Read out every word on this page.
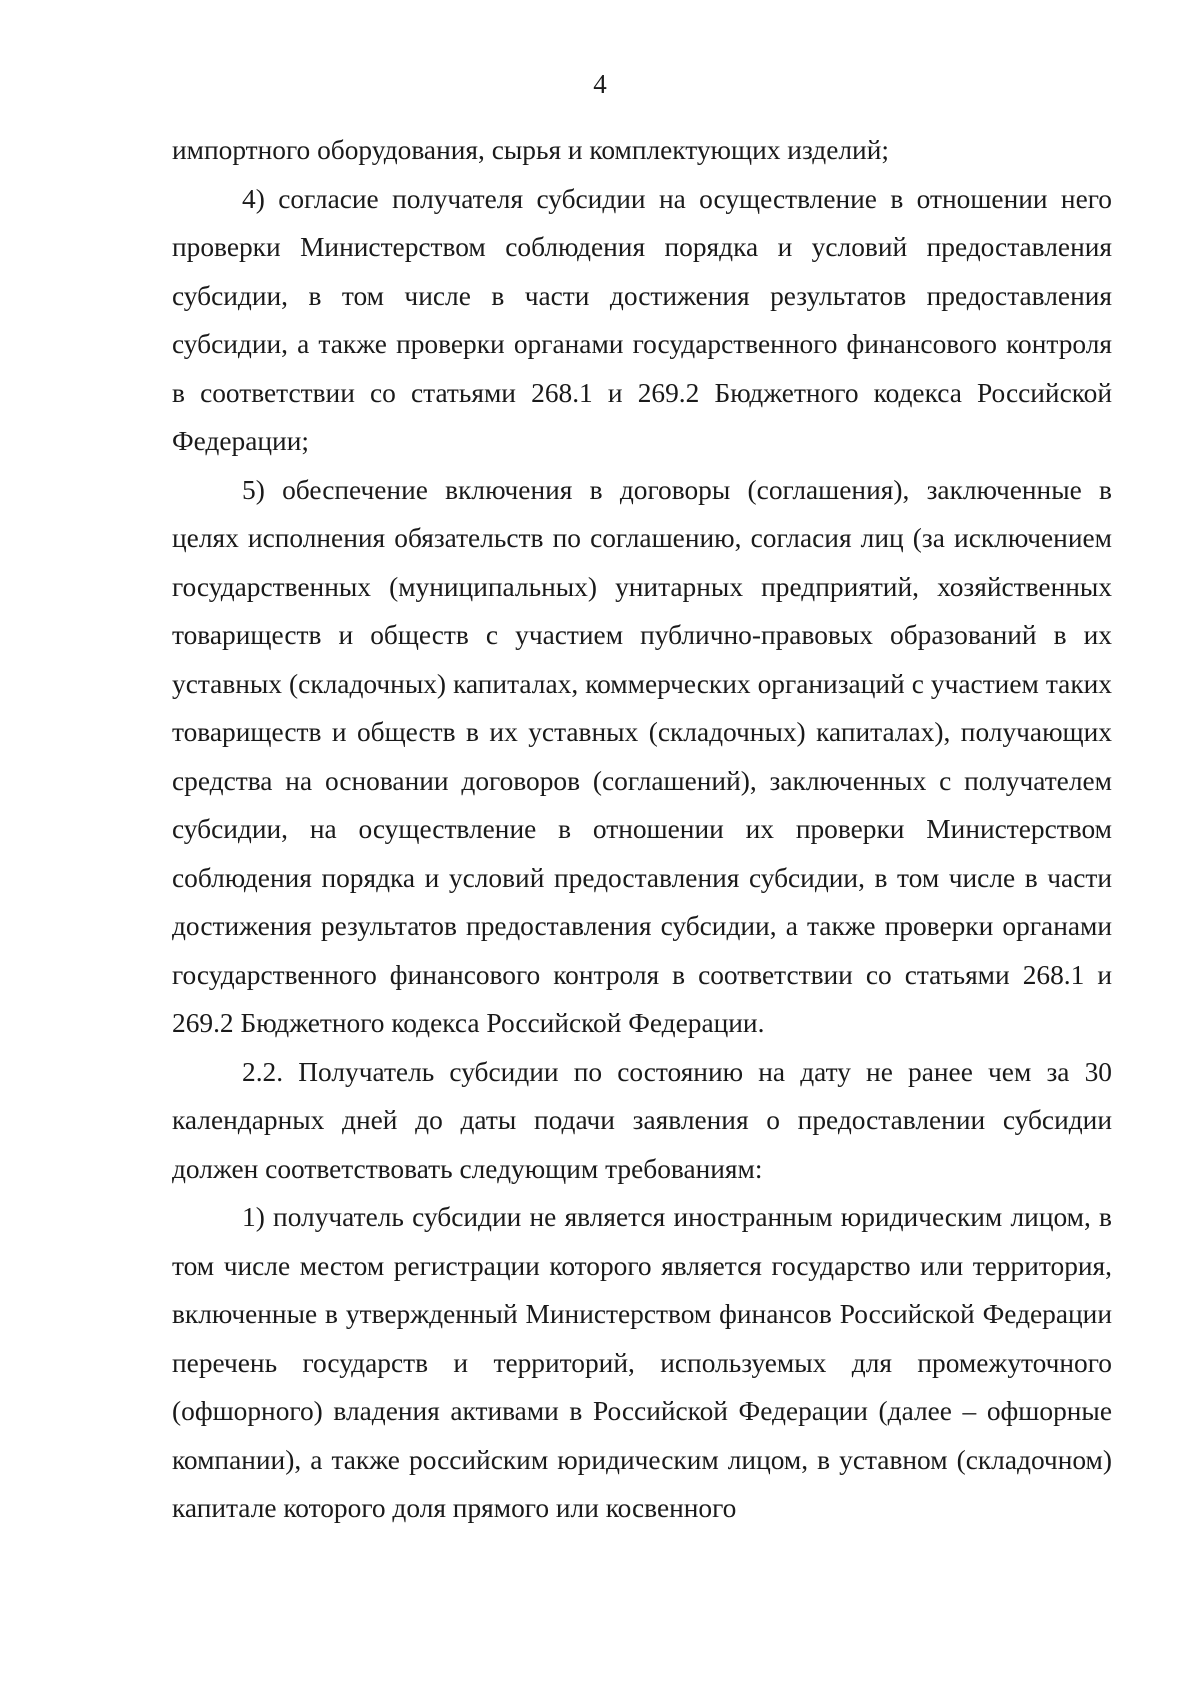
4

импортного оборудования, сырья и комплектующих изделий;

4) согласие получателя субсидии на осуществление в отношении него проверки Министерством соблюдения порядка и условий предоставления субсидии, в том числе в части достижения результатов предоставления субсидии, а также проверки органами государственного финансового контроля в соответствии со статьями 268.1 и 269.2 Бюджетного кодекса Российской Федерации;

5) обеспечение включения в договоры (соглашения), заключенные в целях исполнения обязательств по соглашению, согласия лиц (за исключением государственных (муниципальных) унитарных предприятий, хозяйственных товариществ и обществ с участием публично-правовых образований в их уставных (складочных) капиталах, коммерческих организаций с участием таких товариществ и обществ в их уставных (складочных) капиталах), получающих средства на основании договоров (соглашений), заключенных с получателем субсидии, на осуществление в отношении их проверки Министерством соблюдения порядка и условий предоставления субсидии, в том числе в части достижения результатов предоставления субсидии, а также проверки органами государственного финансового контроля в соответствии со статьями 268.1 и 269.2 Бюджетного кодекса Российской Федерации.

2.2. Получатель субсидии по состоянию на дату не ранее чем за 30 календарных дней до даты подачи заявления о предоставлении субсидии должен соответствовать следующим требованиям:

1) получатель субсидии не является иностранным юридическим лицом, в том числе местом регистрации которого является государство или территория, включенные в утвержденный Министерством финансов Российской Федерации перечень государств и территорий, используемых для промежуточного (офшорного) владения активами в Российской Федерации (далее – офшорные компании), а также российским юридическим лицом, в уставном (складочном) капитале которого доля прямого или косвенного
